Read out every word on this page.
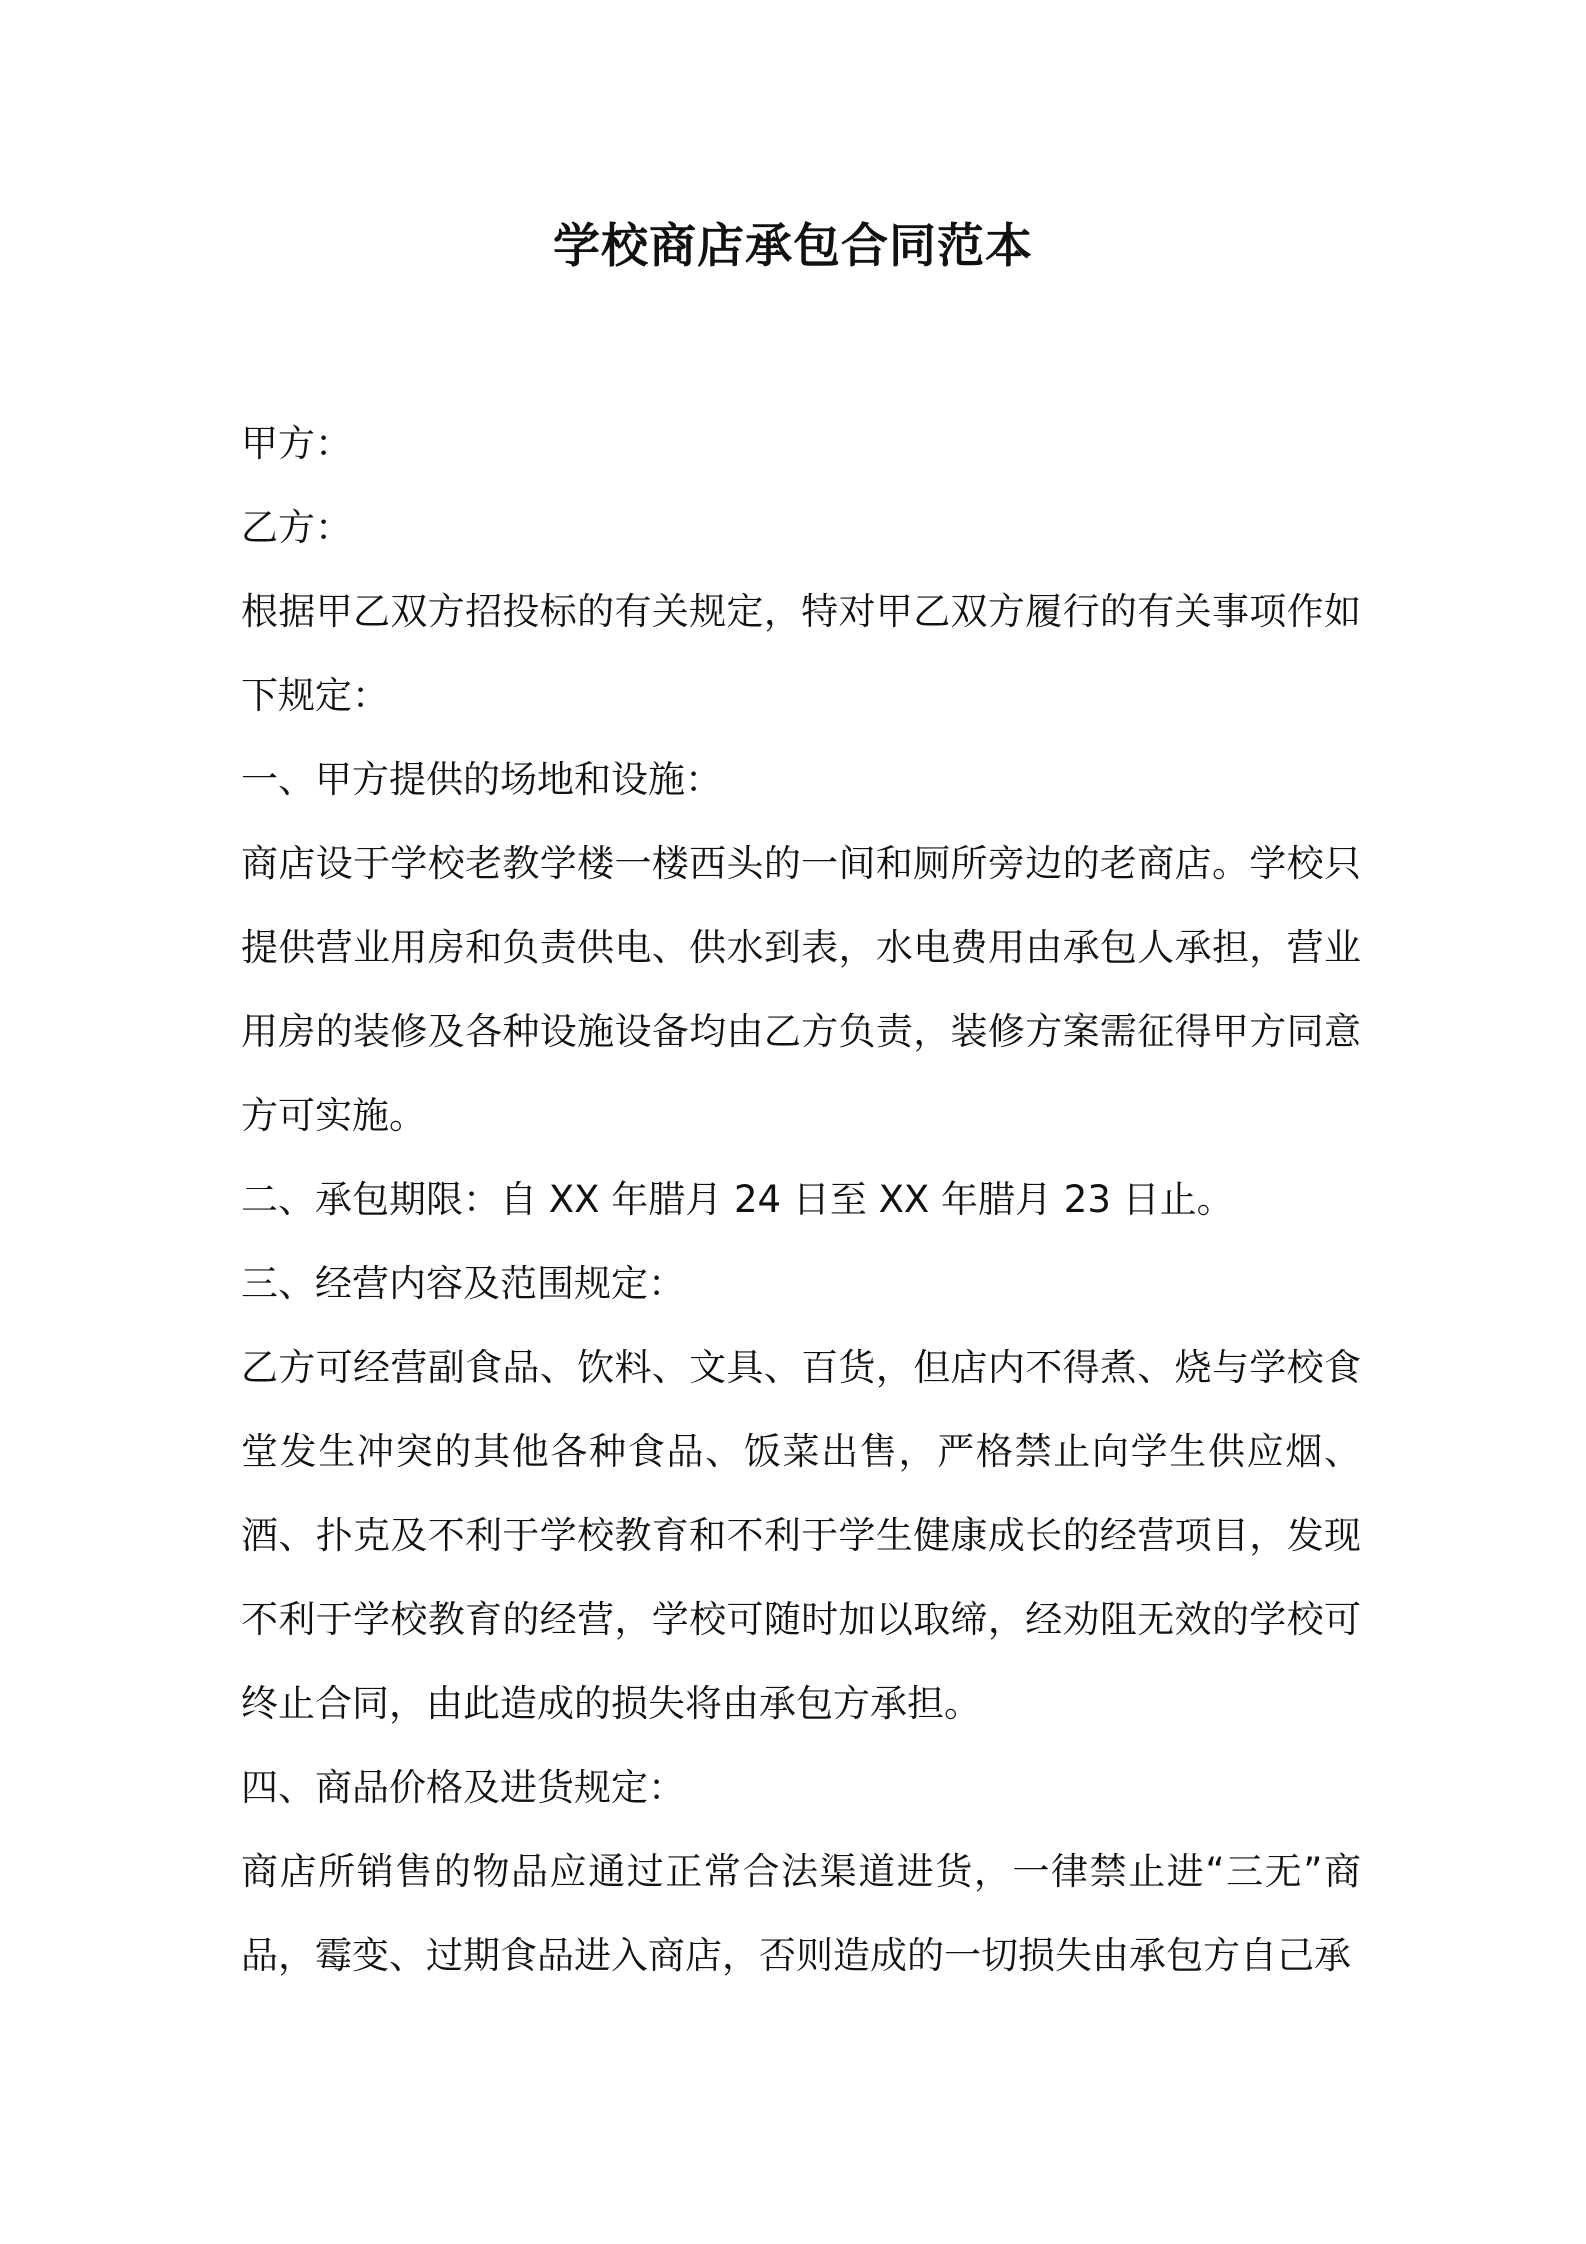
学校商店承包合同范本

甲方：

乙方：

根据甲乙双方招投标的有关规定，特对甲乙双方履行的有关事项作如下规定：

一、甲方提供的场地和设施：

商店设于学校老教学楼一楼西头的一间和厕所旁边的老商店。学校只提供营业用房和负责供电、供水到表，水电费用由承包人承担，营业用房的装修及各种设施设备均由乙方负责，装修方案需征得甲方同意方可实施。

二、承包期限：自 XX 年腊月 24 日至 XX 年腊月 23 日止。

三、经营内容及范围规定：

乙方可经营副食品、饮料、文具、百货，但店内不得煮、烧与学校食堂发生冲突的其他各种食品、饭菜出售，严格禁止向学生供应烟、酒、扑克及不利于学校教育和不利于学生健康成长的经营项目，发现不利于学校教育的经营，学校可随时加以取缔，经劝阻无效的学校可终止合同，由此造成的损失将由承包方承担。

四、商品价格及进货规定：

商店所销售的物品应通过正常合法渠道进货，一律禁止进“三无”商品，霉变、过期食品进入商店，否则造成的一切损失由承包方自己承
